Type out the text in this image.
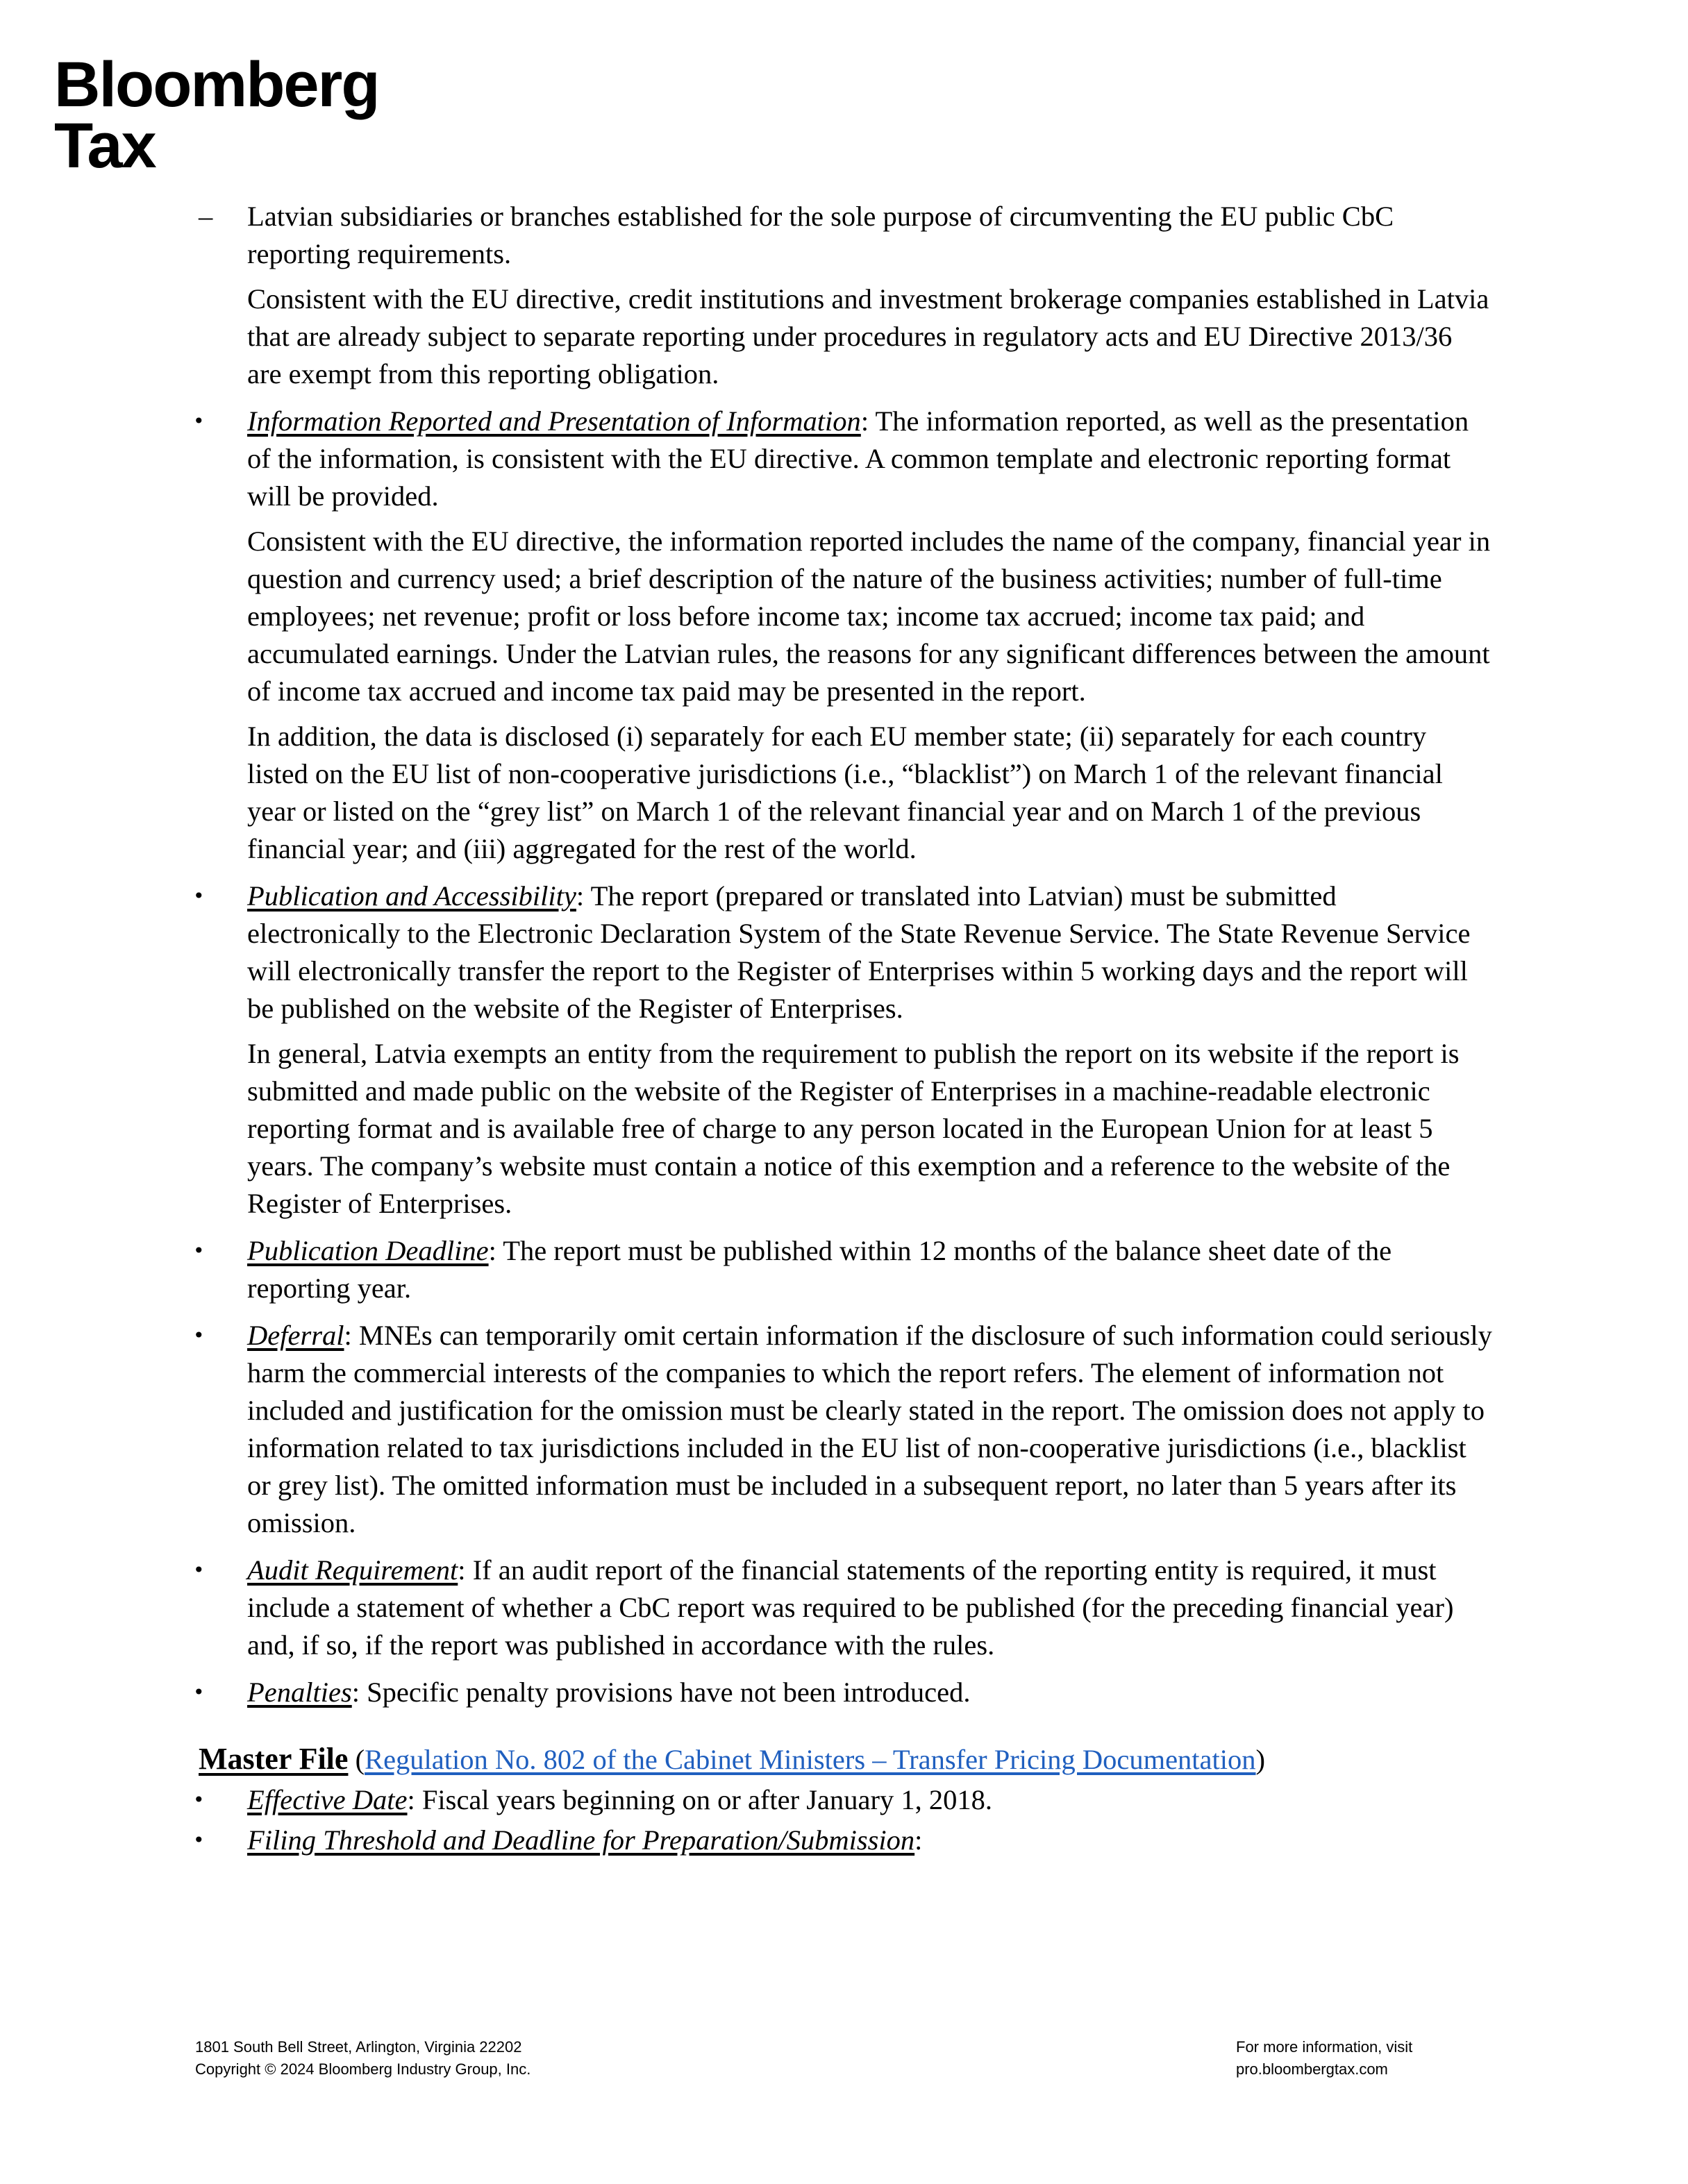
Bloomberg
Tax
– Latvian subsidiaries or branches established for the sole purpose of circumventing the EU public CbC reporting requirements.
Consistent with the EU directive, credit institutions and investment brokerage companies established in Latvia that are already subject to separate reporting under procedures in regulatory acts and EU Directive 2013/36 are exempt from this reporting obligation.
• Information Reported and Presentation of Information: The information reported, as well as the presentation of the information, is consistent with the EU directive. A common template and electronic reporting format will be provided.
Consistent with the EU directive, the information reported includes the name of the company, financial year in question and currency used; a brief description of the nature of the business activities; number of full-time employees; net revenue; profit or loss before income tax; income tax accrued; income tax paid; and accumulated earnings. Under the Latvian rules, the reasons for any significant differences between the amount of income tax accrued and income tax paid may be presented in the report.
In addition, the data is disclosed (i) separately for each EU member state; (ii) separately for each country listed on the EU list of non-cooperative jurisdictions (i.e., “blacklist”) on March 1 of the relevant financial year or listed on the “grey list” on March 1 of the relevant financial year and on March 1 of the previous financial year; and (iii) aggregated for the rest of the world.
• Publication and Accessibility: The report (prepared or translated into Latvian) must be submitted electronically to the Electronic Declaration System of the State Revenue Service. The State Revenue Service will electronically transfer the report to the Register of Enterprises within 5 working days and the report will be published on the website of the Register of Enterprises.
In general, Latvia exempts an entity from the requirement to publish the report on its website if the report is submitted and made public on the website of the Register of Enterprises in a machine-readable electronic reporting format and is available free of charge to any person located in the European Union for at least 5 years. The company’s website must contain a notice of this exemption and a reference to the website of the Register of Enterprises.
• Publication Deadline: The report must be published within 12 months of the balance sheet date of the reporting year.
• Deferral: MNEs can temporarily omit certain information if the disclosure of such information could seriously harm the commercial interests of the companies to which the report refers. The element of information not included and justification for the omission must be clearly stated in the report. The omission does not apply to information related to tax jurisdictions included in the EU list of non-cooperative jurisdictions (i.e., blacklist or grey list). The omitted information must be included in a subsequent report, no later than 5 years after its omission.
• Audit Requirement: If an audit report of the financial statements of the reporting entity is required, it must include a statement of whether a CbC report was required to be published (for the preceding financial year) and, if so, if the report was published in accordance with the rules.
• Penalties: Specific penalty provisions have not been introduced.
Master File (Regulation No. 802 of the Cabinet Ministers – Transfer Pricing Documentation)
• Effective Date: Fiscal years beginning on or after January 1, 2018.
• Filing Threshold and Deadline for Preparation/Submission:
1801 South Bell Street, Arlington, Virginia 22202
Copyright © 2024 Bloomberg Industry Group, Inc.
For more information, visit
pro.bloombergtax.com
